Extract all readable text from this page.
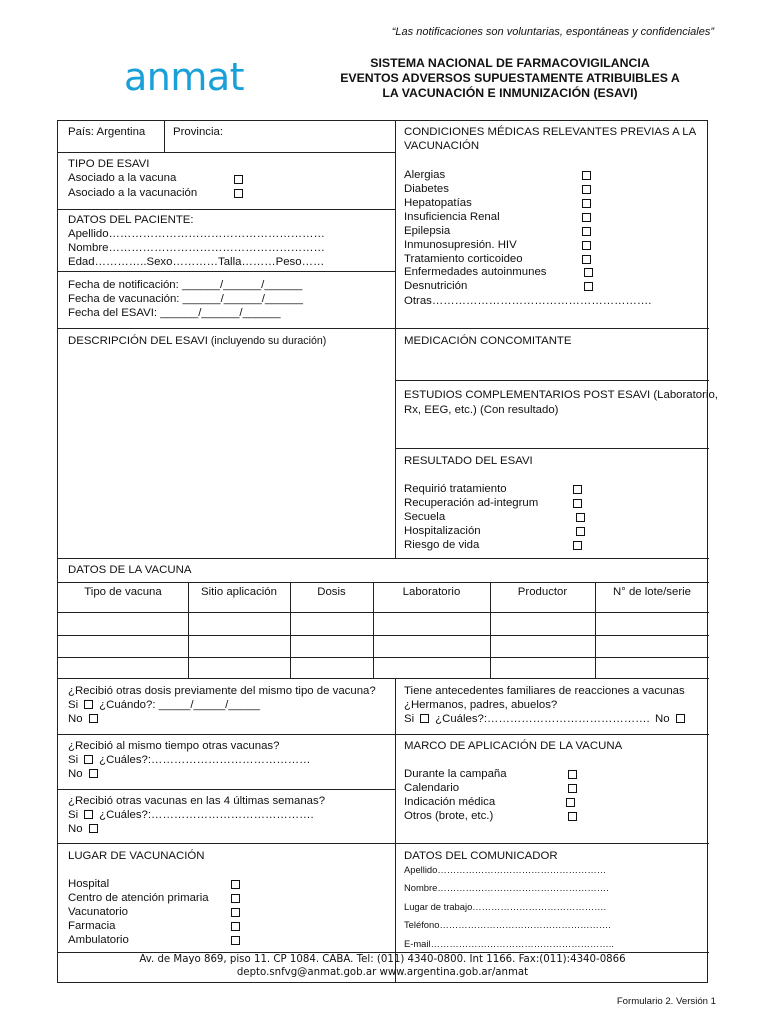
“Las notificaciones son voluntarias, espontáneas y confidenciales”
anmat	SISTEMA NACIONAL DE FARMACOVIGILANCIA
EVENTOS ADVERSOS SUPUESTAMENTE ATRIBUIBLES A
LA VACUNACIÓN E INMUNIZACIÓN (ESAVI)
País: Argentina Provincia:
TIPO DE ESAVI
Asociado a la vacuna
Asociado a la vacunación
DATOS DEL PACIENTE:
Apellido…………………………………………………
Nombre…………………………………………………
Edad…………..Sexo…………Talla………Peso……
Fecha de notificación: ______/______/______
Fecha de vacunación: ______/______/______
Fecha del ESAVI: ______/______/______
DESCRIPCIÓN DEL ESAVI (incluyendo su duración)
CONDICIONES MÉDICAS RELEVANTES PREVIAS A LA
VACUNACIÓN
Alergias
Diabetes
Hepatopatías
Insuficiencia Renal
Epilepsia
Inmunosupresión. HIV
Tratamiento corticoideo
Enfermedades autoinmunes
Desnutrición
Otras………………………………………………….
MEDICACIÓN CONCOMITANTE
ESTUDIOS COMPLEMENTARIOS POST ESAVI (Laboratorio,
Rx, EEG, etc.) (Con resultado)
RESULTADO DEL ESAVI
Requirió tratamiento
Recuperación ad-integrum
Secuela
Hospitalización
Riesgo de vida
DATOS DE LA VACUNA
Tipo de vacuna	Sitio aplicación	Dosis	Laboratorio	Productor	N° de lote/serie
¿Recibió otras dosis previamente del mismo tipo de vacuna?
Si ¿Cuándo?: _____/_____/_____
No
Tiene antecedentes familiares de reacciones a vacunas
¿Hermanos, padres, abuelos?
Si ¿Cuáles?:……………………………………. No
¿Recibió al mismo tiempo otras vacunas?
Si ¿Cuáles?:……………………………………
No
¿Recibió otras vacunas en las 4 últimas semanas?
Si ¿Cuáles?:…………………………………….
No
MARCO DE APLICACIÓN DE LA VACUNA
Durante la campaña
Calendario
Indicación médica
Otros (brote, etc.)
LUGAR DE VACUNACIÓN
Hospital
Centro de atención primaria
Vacunatorio
Farmacia
Ambulatorio
DATOS DEL COMUNICADOR
Apellido………………………………………………
Nombre……………………………………………….
Lugar de trabajo…………………………………….
Teléfono……………………………………………….
E-mail…………………………………………………..
Av. de Mayo 869, piso 11. CP 1084. CABA. Tel: (011) 4340-0800. Int 1166. Fax:(011):4340-0866
depto.snfvg@anmat.gob.ar www.argentina.gob.ar/anmat
Formulario 2. Versión 1
